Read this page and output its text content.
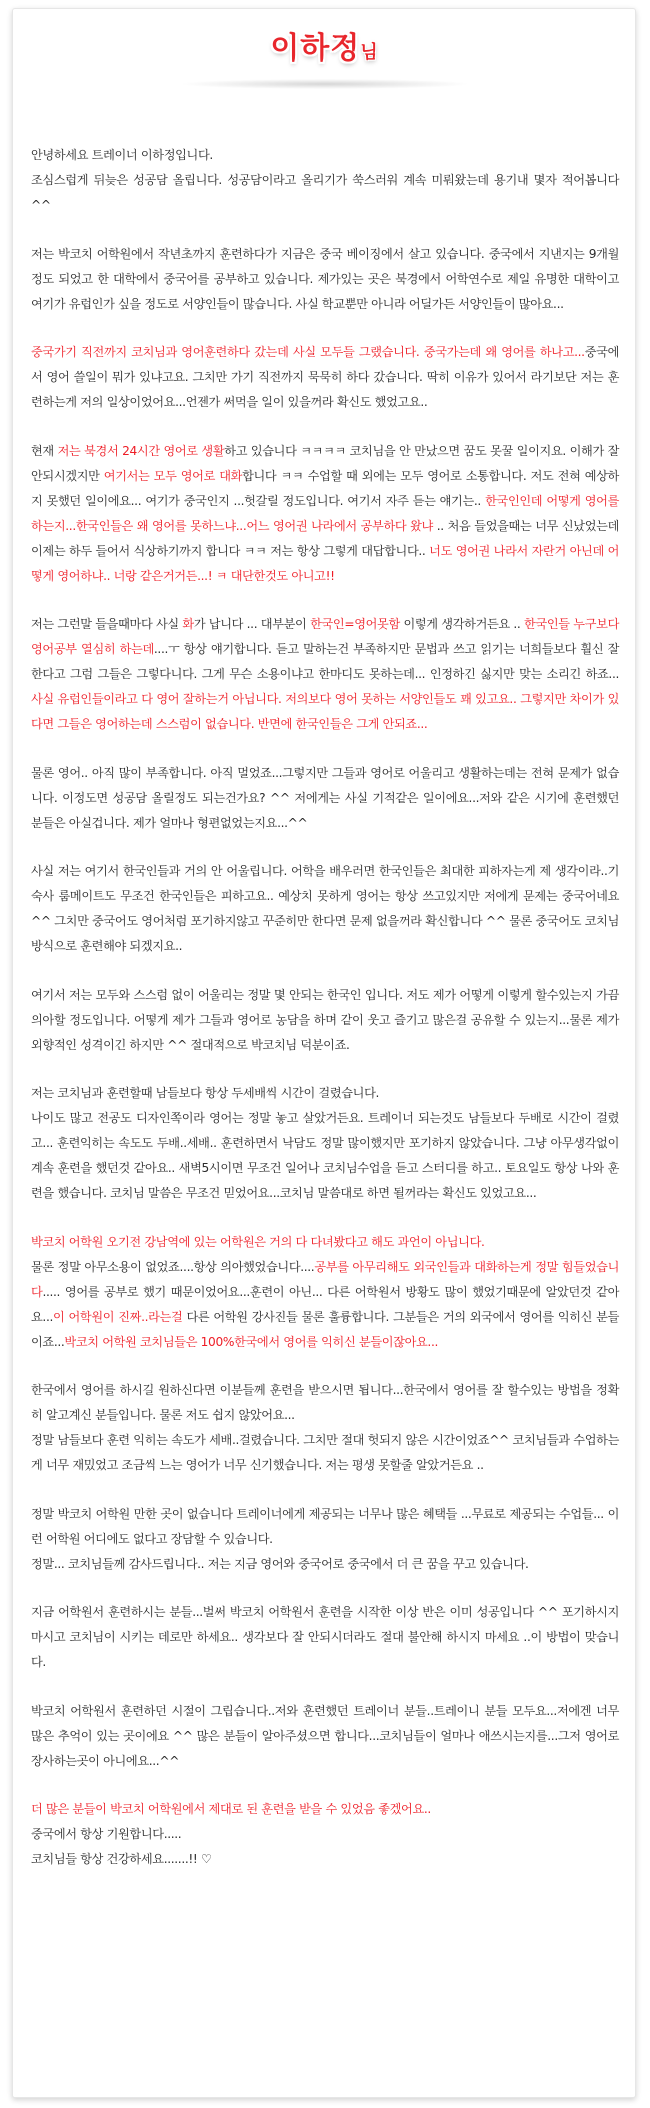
이하정님

안녕하세요 트레이너 이하정입니다.
조심스럽게 뒤늦은 성공담 올립니다. 성공담이라고 올리기가 쑥스러워 계속 미뤄왔는데 용기내 몇자 적어봅니다 ^^

저는 박코치 어학원에서 작년초까지 훈련하다가 지금은 중국 베이징에서 살고 있습니다. 중국에서 지낸지는 9개월정도 되었고 한 대학에서 중국어를 공부하고 있습니다. 제가있는 곳은 북경에서 어학연수로 제일 유명한 대학이고 여기가 유럽인가 싶을 정도로 서양인들이 많습니다. 사실 학교뿐만 아니라 어딜가든 서양인들이 많아요...

중국가기 직전까지 코치님과 영어훈련하다 갔는데 사실 모두들 그랬습니다. 중국가는데 왜 영어를 하나고...중국에서 영어 쓸일이 뭐가 있냐고요. 그치만 가기 직전까지 묵묵히 하다 갔습니다. 딱히 이유가 있어서 라기보단 저는 훈련하는게 저의 일상이었어요...언젠가 써먹을 일이 있을꺼라 확신도 했었고요..

현재 저는 북경서 24시간 영어로 생활하고 있습니다 ㅋㅋㅋㅋ 코치님을 안 만났으면 꿈도 못꿀 일이지요. 이해가 잘 안되시겠지만 여기서는 모두 영어로 대화합니다 ㅋㅋ 수업할 때 외에는 모두 영어로 소통합니다. 저도 전혀 예상하지 못했던 일이에요... 여기가 중국인지 ...헛갈릴 정도입니다. 여기서 자주 듣는 얘기는.. 한국인인데 어떻게 영어를 하는지...한국인들은 왜 영어를 못하느냐...어느 영어권 나라에서 공부하다 왔냐 .. 처음 들었을때는 너무 신났었는데 이제는 하두 들어서 식상하기까지 합니다 ㅋㅋ 저는 항상 그렇게 대답합니다.. 너도 영어권 나라서 자란거 아닌데 어떻게 영어하냐.. 너랑 같은거거든...! ㅋ 대단한것도 아니고!!

저는 그런말 들을때마다 사실 화가 납니다 ... 대부분이 한국인=영어못함 이렇게 생각하거든요 .. 한국인들 누구보다 영어공부 열심히 하는데....ㅜ 항상 얘기합니다. 듣고 말하는건 부족하지만 문법과 쓰고 읽기는 너희들보다 훨신 잘한다고 그럼 그들은 그렇다니다. 그게 무슨 소용이냐고 한마디도 못하는데... 인정하긴 싫지만 맞는 소리긴 하죠... 사실 유럽인들이라고 다 영어 잘하는거 아닙니다. 저의보다 영어 못하는 서양인들도 꽤 있고요.. 그렇지만 차이가 있다면 그들은 영어하는데 스스럼이 없습니다. 반면에 한국인들은 그게 안되죠...

물론 영어.. 아직 많이 부족합니다. 아직 멀었죠...그렇지만 그들과 영어로 어울리고 생활하는데는 전혀 문제가 없습니다. 이정도면 성공담 올릴정도 되는건가요? ^^ 저에게는 사실 기적같은 일이에요...저와 같은 시기에 훈련했던 분들은 아실겁니다. 제가 얼마나 형편없었는지요...^^

사실 저는 여기서 한국인들과 거의 안 어울립니다. 어학을 배우러면 한국인들은 최대한 피하자는게 제 생각이라..기숙사 룸메이트도 무조건 한국인들은 피하고요.. 예상치 못하게 영어는 항상 쓰고있지만 저에게 문제는 중국어네요^^ 그치만 중국어도 영어처럼 포기하지않고 꾸준히만 한다면 문제 없을꺼라 확신합니다 ^^ 물론 중국어도 코치님 방식으로 훈련해야 되겠지요..

여기서 저는 모두와 스스럼 없이 어울리는 정말 몇 안되는 한국인 입니다. 저도 제가 어떻게 이렇게 할수있는지 가끔 의아할 정도입니다. 어떻게 제가 그들과 영어로 농담을 하며 같이 웃고 즐기고 많은걸 공유할 수 있는지...물론 제가 외향적인 성격이긴 하지만 ^^ 절대적으로 박코치님 덕분이죠.

저는 코치님과 훈련할때 남들보다 항상 두세배씩 시간이 걸렸습니다.
나이도 많고 전공도 디자인쪽이라 영어는 정말 놓고 살았거든요. 트레이너 되는것도 남들보다 두배로 시간이 걸렸고... 훈련익히는 속도도 두배..세배.. 훈련하면서 낙담도 정말 많이했지만 포기하지 않았습니다. 그냥 아무생각없이 계속 훈련을 했던것 같아요.. 새벽5시이면 무조건 일어나 코치님수업을 듣고 스터디를 하고.. 토요일도 항상 나와 훈련을 했습니다. 코치님 말씀은 무조건 믿었어요...코치님 말씀대로 하면 될꺼라는 확신도 있었고요...

박코치 어학원 오기전 강남역에 있는 어학원은 거의 다 다녀봤다고 해도 과언이 아닙니다.
물론 정말 아무소용이 없었죠....항상 의아했었습니다....공부를 아무리해도 외국인들과 대화하는게 정말 힘들었습니다..... 영어를 공부로 했기 때문이었어요...훈련이 아닌... 다른 어학원서 방황도 많이 했었기때문에 알았던것 같아요...이 어학원이 진짜..라는걸 다른 어학원 강사진들 물론 훌륭합니다. 그분들은 거의 외국에서 영어를 익히신 분들이죠...박코치 어학원 코치님들은 100%한국에서 영어를 익히신 분들이잖아요...

한국에서 영어를 하시길 원하신다면 이분들께 훈련을 받으시면 됩니다...한국에서 영어를 잘 할수있는 방법을 정확히 알고계신 분들입니다. 물론 저도 쉽지 않았어요...
정말 남들보다 훈련 익히는 속도가 세배..걸렸습니다. 그치만 절대 헛되지 않은 시간이었죠^^ 코치님들과 수업하는게 너무 재밌었고 조금씩 느는 영어가 너무 신기했습니다. 저는 평생 못할줄 알았거든요 ..

정말 박코치 어학원 만한 곳이 없습니다 트레이너에게 제공되는 너무나 많은 혜택들 ...무료로 제공되는 수업들... 이런 어학원 어디에도 없다고 장담할 수 있습니다.
정말... 코치님들께 감사드립니다.. 저는 지금 영어와 중국어로 중국에서 더 큰 꿈을 꾸고 있습니다.

지금 어학원서 훈련하시는 분들...벌써 박코치 어학원서 훈련을 시작한 이상 반은 이미 성공입니다 ^^ 포기하시지 마시고 코치님이 시키는 데로만 하세요.. 생각보다 잘 안되시더라도 절대 불안해 하시지 마세요 ..이 방법이 맞습니다.

박코치 어학원서 훈련하던 시절이 그립습니다..저와 훈련했던 트레이너 분들..트레이니 분들 모두요...저에겐 너무 많은 추억이 있는 곳이에요 ^^ 많은 분들이 알아주셨으면 합니다...코치님들이 얼마나 애쓰시는지를...그저 영어로 장사하는곳이 아니에요...^^

더 많은 분들이 박코치 어학원에서 제대로 된 훈련을 받을 수 있었음 좋겠어요..
중국에서 항상 기원합니다.....
코치님들 항상 건강하세요.......!! ♡
